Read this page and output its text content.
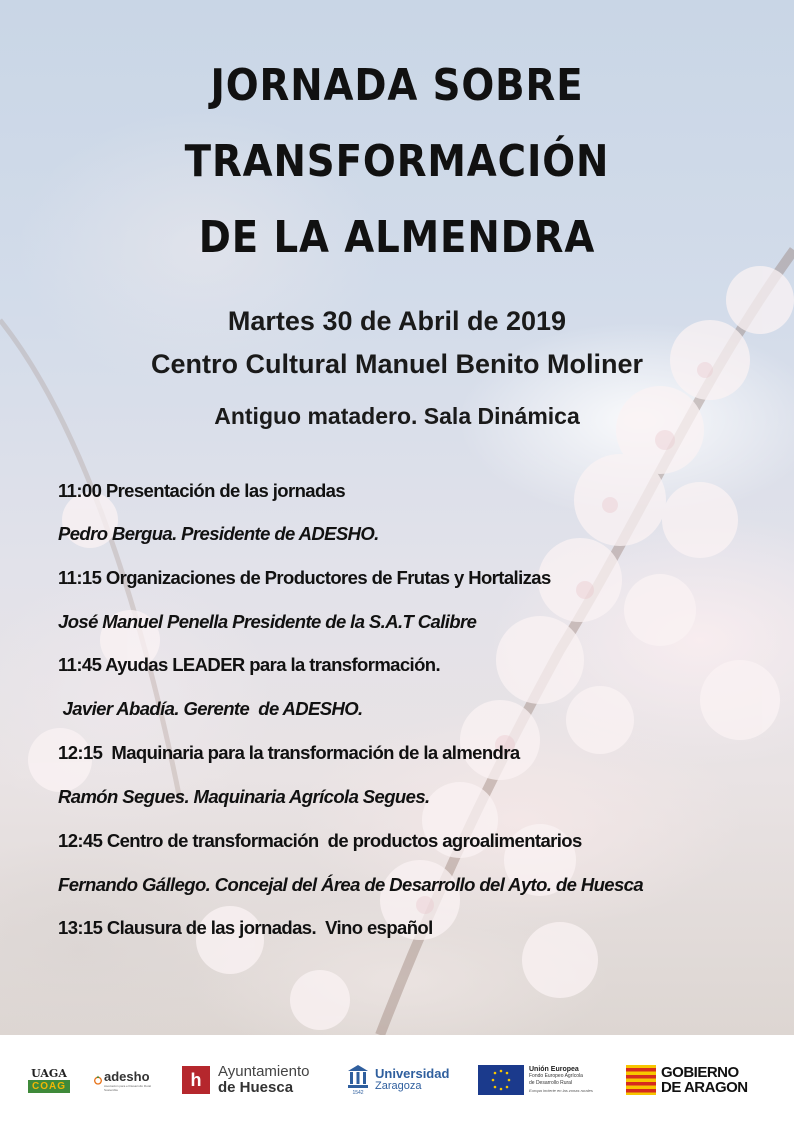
JORNADA SOBRE
TRANSFORMACIÓN
DE LA ALMENDRA
Martes 30 de Abril de 2019
Centro Cultural Manuel Benito Moliner
Antiguo matadero. Sala Dinámica
11:00 Presentación de las jornadas
Pedro Bergua. Presidente de ADESHO.
11:15 Organizaciones de Productores de Frutas y Hortalizas
José Manuel Penella Presidente de la S.A.T Calibre
11:45 Ayudas LEADER para la transformación.
Javier Abadía. Gerente  de ADESHO.
12:15  Maquinaria para la transformación de la almendra
Ramón Segues. Maquinaria Agrícola Segues.
12:45 Centro de transformación  de productos agroalimentarios
Fernando Gállego. Concejal del Área de Desarrollo del Ayto. de Huesca
13:15 Clausura de las jornadas.  Vino español
UAGA
COAG
adesho
Asociación para el Desarrollo Rural Sostenible	h	Ayuntamiento
de Huesca	1542
Universidad
Zaragoza
Unión Europea
Fondo Europeo Agrícola
de Desarrollo Rural
Europa invierte en las zonas rurales
GOBIERNO
DE ARAGON
